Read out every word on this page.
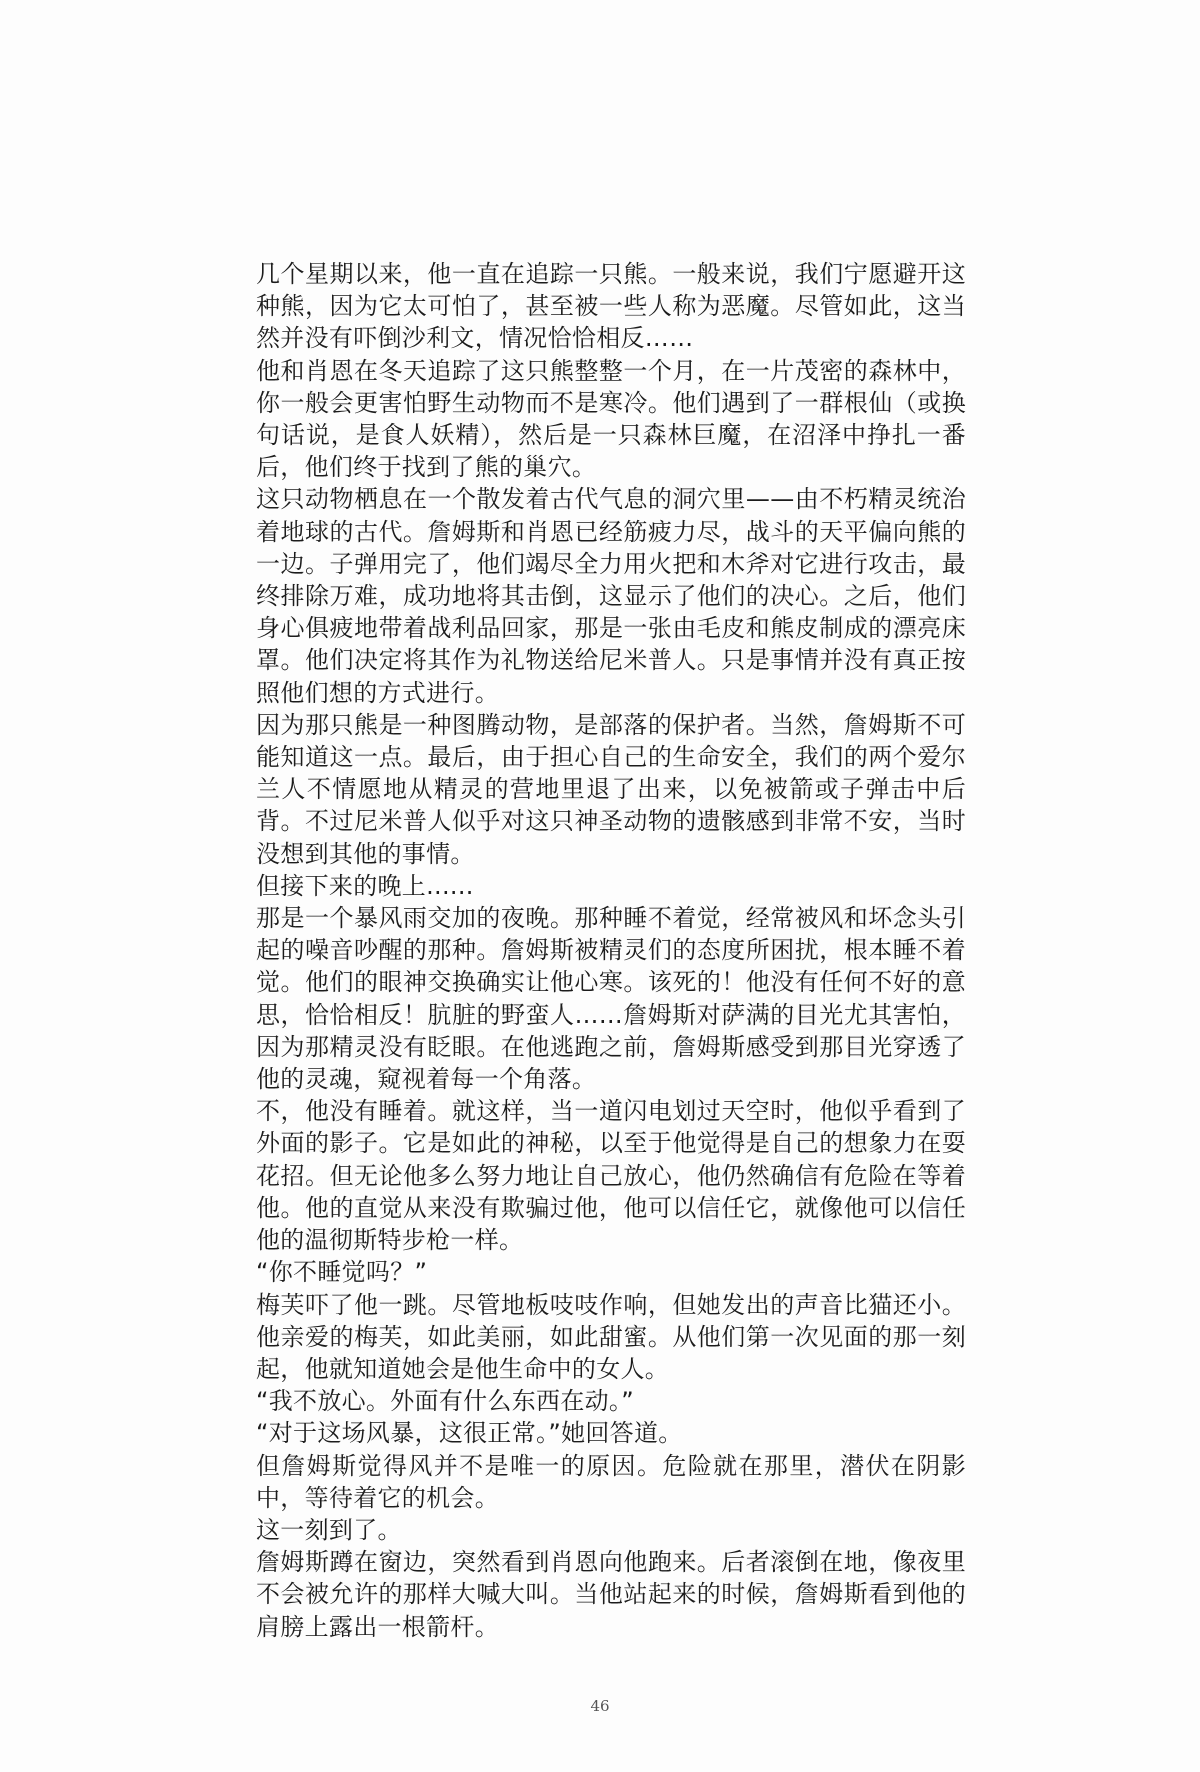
几个星期以来，他一直在追踪一只熊。一般来说，我们宁愿避开这种熊，因为它太可怕了，甚至被一些人称为恶魔。尽管如此，这当然并没有吓倒沙利文，情况恰恰相反……

他和肖恩在冬天追踪了这只熊整整一个月，在一片茂密的森林中，你一般会更害怕野生动物而不是寒冷。他们遇到了一群根仙（或换句话说，是食人妖精），然后是一只森林巨魔，在沼泽中挣扎一番后，他们终于找到了熊的巢穴。

这只动物栖息在一个散发着古代气息的洞穴里——由不朽精灵统治着地球的古代。詹姆斯和肖恩已经筋疲力尽，战斗的天平偏向熊的一边。子弹用完了，他们竭尽全力用火把和木斧对它进行攻击，最终排除万难，成功地将其击倒，这显示了他们的决心。之后，他们身心俱疲地带着战利品回家，那是一张由毛皮和熊皮制成的漂亮床罩。他们决定将其作为礼物送给尼米普人。只是事情并没有真正按照他们想的方式进行。

因为那只熊是一种图腾动物，是部落的保护者。当然，詹姆斯不可能知道这一点。最后，由于担心自己的生命安全，我们的两个爱尔兰人不情愿地从精灵的营地里退了出来，以免被箭或子弹击中后背。不过尼米普人似乎对这只神圣动物的遗骸感到非常不安，当时没想到其他的事情。

但接下来的晚上......

那是一个暴风雨交加的夜晚。那种睡不着觉，经常被风和坏念头引起的噪音吵醒的那种。詹姆斯被精灵们的态度所困扰，根本睡不着觉。他们的眼神交换确实让他心寒。该死的！他没有任何不好的意思，恰恰相反！肮脏的野蛮人……詹姆斯对萨满的目光尤其害怕，因为那精灵没有眨眼。在他逃跑之前，詹姆斯感受到那目光穿透了他的灵魂，窥视着每一个角落。

不，他没有睡着。就这样，当一道闪电划过天空时，他似乎看到了外面的影子。它是如此的神秘，以至于他觉得是自己的想象力在耍花招。但无论他多么努力地让自己放心，他仍然确信有危险在等着他。他的直觉从来没有欺骗过他，他可以信任它，就像他可以信任他的温彻斯特步枪一样。

“你不睡觉吗？”

梅芙吓了他一跳。尽管地板吱吱作响，但她发出的声音比猫还小。他亲爱的梅芙，如此美丽，如此甜蜜。从他们第一次见面的那一刻起，他就知道她会是他生命中的女人。

“我不放心。外面有什么东西在动。”

“对于这场风暴，这很正常。”她回答道。

但詹姆斯觉得风并不是唯一的原因。危险就在那里，潜伏在阴影中，等待着它的机会。

这一刻到了。

詹姆斯蹲在窗边，突然看到肖恩向他跑来。后者滚倒在地，像夜里不会被允许的那样大喊大叫。当他站起来的时候，詹姆斯看到他的肩膀上露出一根箭杆。

46
